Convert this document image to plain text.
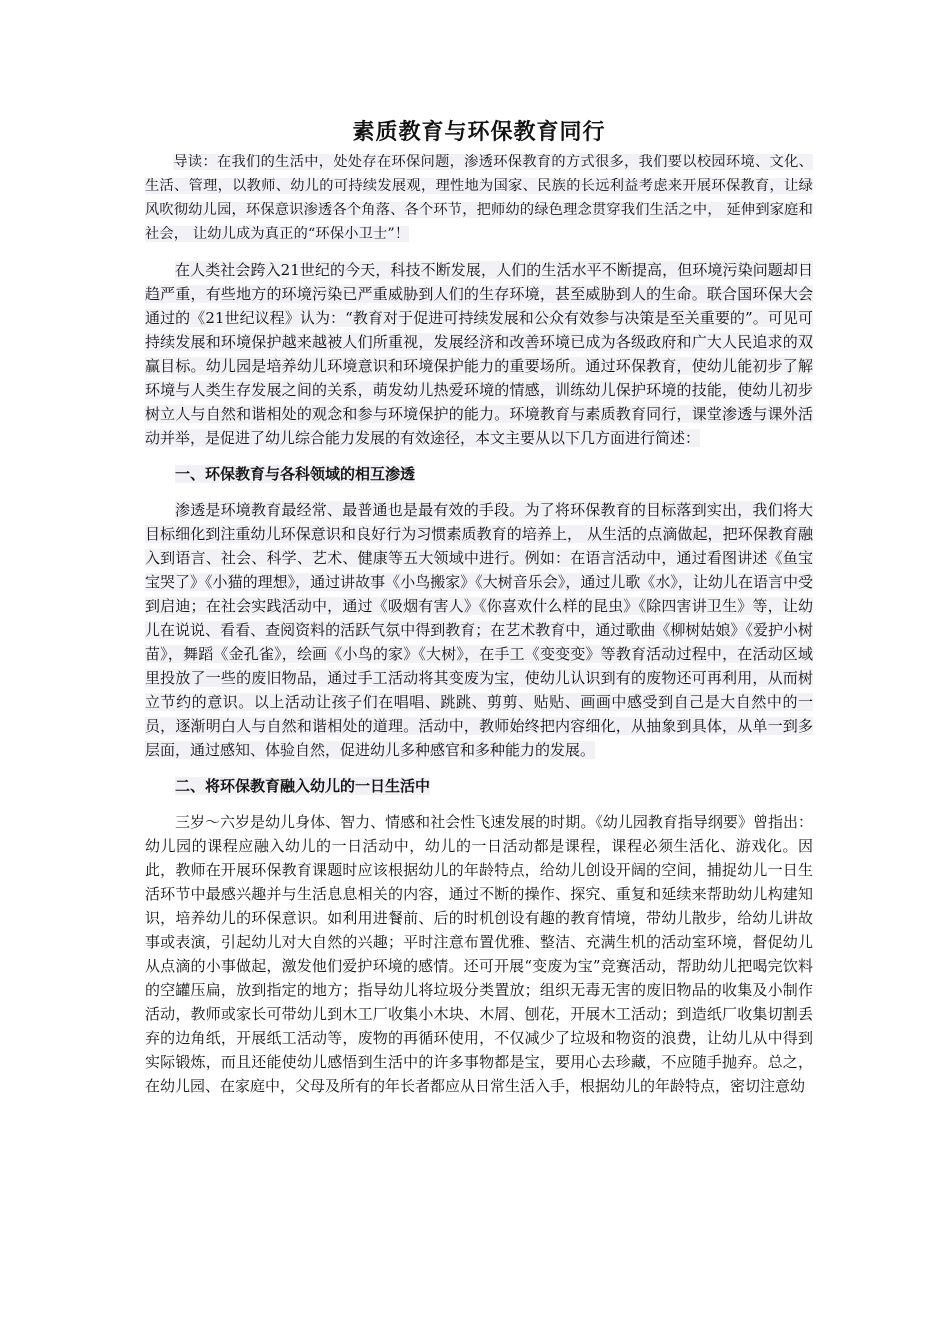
素质教育与环保教育同行

导读：在我们的生活中，处处存在环保问题，渗透环保教育的方式很多，我们要以校园环境、文化、生活、管理，以教师、幼儿的可持续发展观，理性地为国家、民族的长远利益考虑来开展环保教育，让绿风吹彻幼儿园，环保意识渗透各个角落、各个环节，把师幼的绿色理念贯穿我们生活之中， 延伸到家庭和社会， 让幼儿成为真正的“环保小卫士”！

在人类社会跨入21世纪的今天，科技不断发展，人们的生活水平不断提高，但环境污染问题却日趋严重，有些地方的环境污染已严重威胁到人们的生存环境，甚至威胁到人的生命。联合国环保大会通过的《21世纪议程》认为：“教育对于促进可持续发展和公众有效参与决策是至关重要的”。可见可持续发展和环境保护越来越被人们所重视，发展经济和改善环境已成为各级政府和广大人民追求的双赢目标。幼儿园是培养幼儿环境意识和环境保护能力的重要场所。通过环保教育，使幼儿能初步了解环境与人类生存发展之间的关系，萌发幼儿热爱环境的情感，训练幼儿保护环境的技能，使幼儿初步树立人与自然和谐相处的观念和参与环境保护的能力。环境教育与素质教育同行，课堂渗透与课外活动并举，是促进了幼儿综合能力发展的有效途径，本文主要从以下几方面进行简述：

一、环保教育与各科领域的相互渗透

渗透是环境教育最经常、最普通也是最有效的手段。为了将环保教育的目标落到实出，我们将大目标细化到注重幼儿环保意识和良好行为习惯素质教育的培养上， 从生活的点滴做起，把环保教育融入到语言、社会、科学、艺术、健康等五大领域中进行。例如：在语言活动中，通过看图讲述《鱼宝宝哭了》《小猫的理想》，通过讲故事《小鸟搬家》《大树音乐会》，通过儿歌《水》，让幼儿在语言中受到启迪；在社会实践活动中，通过《吸烟有害人》《你喜欢什么样的昆虫》《除四害讲卫生》等，让幼儿在说说、看看、查阅资料的活跃气氛中得到教育；在艺术教育中，通过歌曲《柳树姑娘》《爱护小树苗》，舞蹈《金孔雀》，绘画《小鸟的家》《大树》，在手工《变变变》等教育活动过程中，在活动区域里投放了一些的废旧物品，通过手工活动将其变废为宝，使幼儿认识到有的废物还可再利用，从而树立节约的意识。以上活动让孩子们在唱唱、跳跳、剪剪、贴贴、画画中感受到自己是大自然中的一员，逐渐明白人与自然和谐相处的道理。活动中，教师始终把内容细化，从抽象到具体，从单一到多层面，通过感知、体验自然，促进幼儿多种感官和多种能力的发展。

二、将环保教育融入幼儿的一日生活中

三岁～六岁是幼儿身体、智力、情感和社会性飞速发展的时期。《幼儿园教育指导纲要》曾指出：幼儿园的课程应融入幼儿的一日活动中，幼儿的一日活动都是课程，课程必须生活化、游戏化。因此，教师在开展环保教育课题时应该根据幼儿的年龄特点，给幼儿创设开阔的空间，捕捉幼儿一日生活环节中最感兴趣并与生活息息相关的内容，通过不断的操作、探究、重复和延续来帮助幼儿构建知识，培养幼儿的环保意识。如利用进餐前、后的时机创设有趣的教育情境，带幼儿散步，给幼儿讲故事或表演，引起幼儿对大自然的兴趣；平时注意布置优雅、整洁、充满生机的活动室环境，督促幼儿从点滴的小事做起，激发他们爱护环境的感情。还可开展“变废为宝”竞赛活动，帮助幼儿把喝完饮料的空罐压扁，放到指定的地方；指导幼儿将垃圾分类置放；组织无毒无害的废旧物品的收集及小制作活动，教师或家长可带幼儿到木工厂收集小木块、木屑、刨花，开展木工活动；到造纸厂收集切割丢弃的边角纸，开展纸工活动等，废物的再循环使用，不仅减少了垃圾和物资的浪费，让幼儿从中得到实际锻炼，而且还能使幼儿感悟到生活中的许多事物都是宝，要用心去珍藏，不应随手抛弃。总之，在幼儿园、在家庭中，父母及所有的年长者都应从日常生活入手，根据幼儿的年龄特点，密切注意幼
